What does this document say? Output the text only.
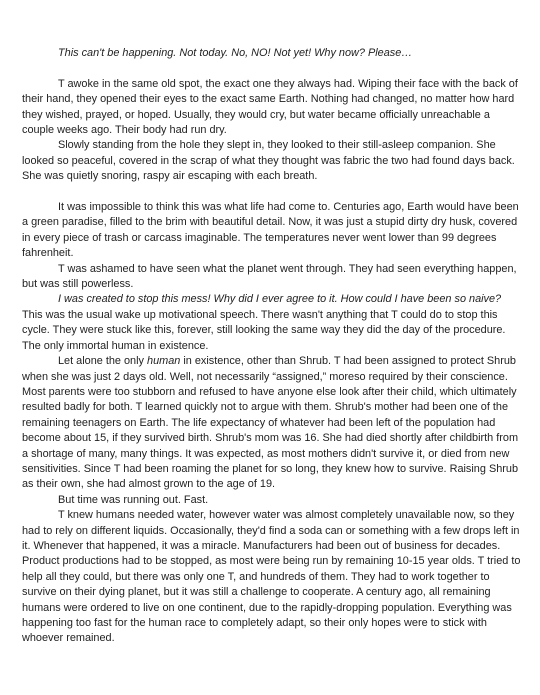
This can't be happening. Not today. No, NO! Not yet! Why now? Please…

T awoke in the same old spot, the exact one they always had. Wiping their face with the back of their hand, they opened their eyes to the exact same Earth. Nothing had changed, no matter how hard they wished, prayed, or hoped. Usually, they would cry, but water became officially unreachable a couple weeks ago. Their body had run dry.

Slowly standing from the hole they slept in, they looked to their still-asleep companion. She looked so peaceful, covered in the scrap of what they thought was fabric the two had found days back. She was quietly snoring, raspy air escaping with each breath.

It was impossible to think this was what life had come to. Centuries ago, Earth would have been a green paradise, filled to the brim with beautiful detail. Now, it was just a stupid dirty dry husk, covered in every piece of trash or carcass imaginable. The temperatures never went lower than 99 degrees fahrenheit.

T was ashamed to have seen what the planet went through. They had seen everything happen, but was still powerless.

I was created to stop this mess! Why did I ever agree to it. How could I have been so naive? This was the usual wake up motivational speech. There wasn't anything that T could do to stop this cycle. They were stuck like this, forever, still looking the same way they did the day of the procedure. The only immortal human in existence.

Let alone the only human in existence, other than Shrub. T had been assigned to protect Shrub when she was just 2 days old. Well, not necessarily “assigned,” moreso required by their conscience. Most parents were too stubborn and refused to have anyone else look after their child, which ultimately resulted badly for both. T learned quickly not to argue with them. Shrub's mother had been one of the remaining teenagers on Earth. The life expectancy of whatever had been left of the population had become about 15, if they survived birth. Shrub's mom was 16. She had died shortly after childbirth from a shortage of many, many things. It was expected, as most mothers didn't survive it, or died from new sensitivities. Since T had been roaming the planet for so long, they knew how to survive. Raising Shrub as their own, she had almost grown to the age of 19.

But time was running out. Fast.

T knew humans needed water, however water was almost completely unavailable now, so they had to rely on different liquids. Occasionally, they'd find a soda can or something with a few drops left in it. Whenever that happened, it was a miracle. Manufacturers had been out of business for decades. Product productions had to be stopped, as most were being run by remaining 10-15 year olds. T tried to help all they could, but there was only one T, and hundreds of them. They had to work together to survive on their dying planet, but it was still a challenge to cooperate. A century ago, all remaining humans were ordered to live on one continent, due to the rapidly-dropping population. Everything was happening too fast for the human race to completely adapt, so their only hopes were to stick with whoever remained.
